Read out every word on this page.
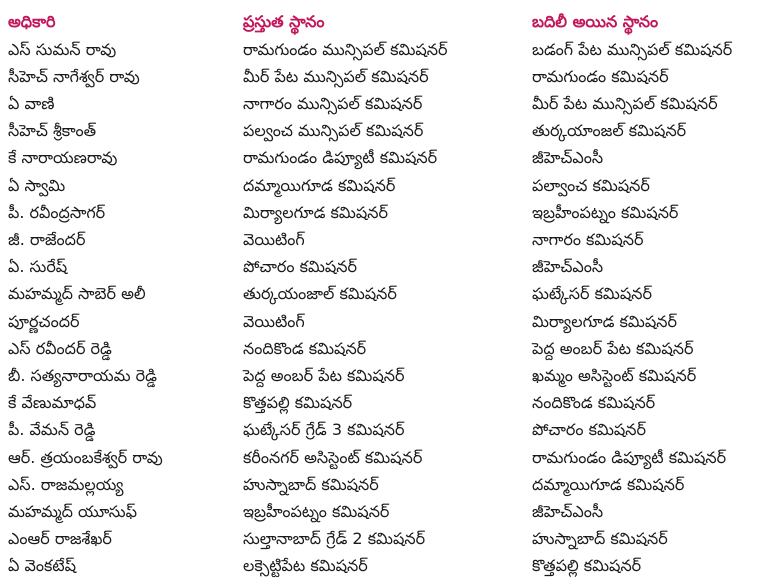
అధికారి	ప్రస్తుత స్థానం	బదిలీ అయిన స్థానం
ఎస్ సుమన్ రావు	రామగుండం మున్సిపల్ కమిషనర్	బడంగ్ పేట మున్సిపల్ కమిషనర్
సీహెచ్ నాగేశ్వర్ రావు	మీర్ పేట మున్సిపల్ కమిషనర్	రామగుండం కమిషనర్
ఏ వాణి	నాగారం మున్సిపల్ కమిషనర్	మీర్ పేట మున్సిపల్ కమిషనర్
సీహెచ్ శ్రీకాంత్	పల్వంచ మున్సిపల్ కమిషనర్	తుర్కయాంజల్ కమిషనర్
కే నారాయణరావు	రామగుండం డిప్యూటీ కమిషనర్	జీహెచ్ఎంసీ
ఏ స్వామి	దమ్మాయిగూడ కమిషనర్	పల్వాంచ కమిషనర్
పీ. రవీంద్రసాగర్	మిర్యాలగూడ కమిషనర్	ఇబ్రహీంపట్నం కమిషనర్
జీ. రాజేందర్	వెయిటింగ్	నాగారం కమిషనర్
ఏ. సురేష్	పోచారం కమిషనర్	జీహెచ్ఎంసీ
మహమ్మద్ సాబెర్ అలీ	తుర్కయంజాల్ కమిషనర్	ఘట్కేసర్ కమిషనర్
పూర్ణచందర్	వెయిటింగ్	మిర్యాలగూడ కమిషనర్
ఎస్ రవీందర్ రెడ్డి	నందికొండ కమిషనర్	పెద్ద అంబర్ పేట కమిషనర్
బీ. సత్యనారాయమ రెడ్డి	పెద్ద అంబర్ పేట కమిషనర్	ఖమ్మం అసిస్టెంట్ కమిషనర్
కే వేణుమాధవ్	కొత్తపల్లి కమిషనర్	నందికొండ కమిషనర్
పీ. వేమన్ రెడ్డి	ఘట్కేసర్ గ్రేడ్ 3 కమిషనర్	పోచారం కమిషనర్
ఆర్. త్రయంబకేశ్వర్ రావు	కరీంనగర్ అసిస్టెంట్ కమిషనర్	రామగుండం డిప్యూటీ కమిషనర్
ఎస్. రాజమల్లయ్య	హుస్నాబాద్ కమిషనర్	దమ్మాయిగూడ కమిషనర్
మహమ్మద్ యూసుఫ్	ఇబ్రహీంపట్నం కమిషనర్	జీహెచ్ఎంసీ
ఎంఆర్ రాజశేఖర్	సుల్తానాబాద్ గ్రేడ్ 2 కమిషనర్	హుస్నాబాద్ కమిషనర్
ఏ వెంకటేష్	లక్సెట్టిపేట కమిషనర్	కొత్తపల్లి కమిషనర్
